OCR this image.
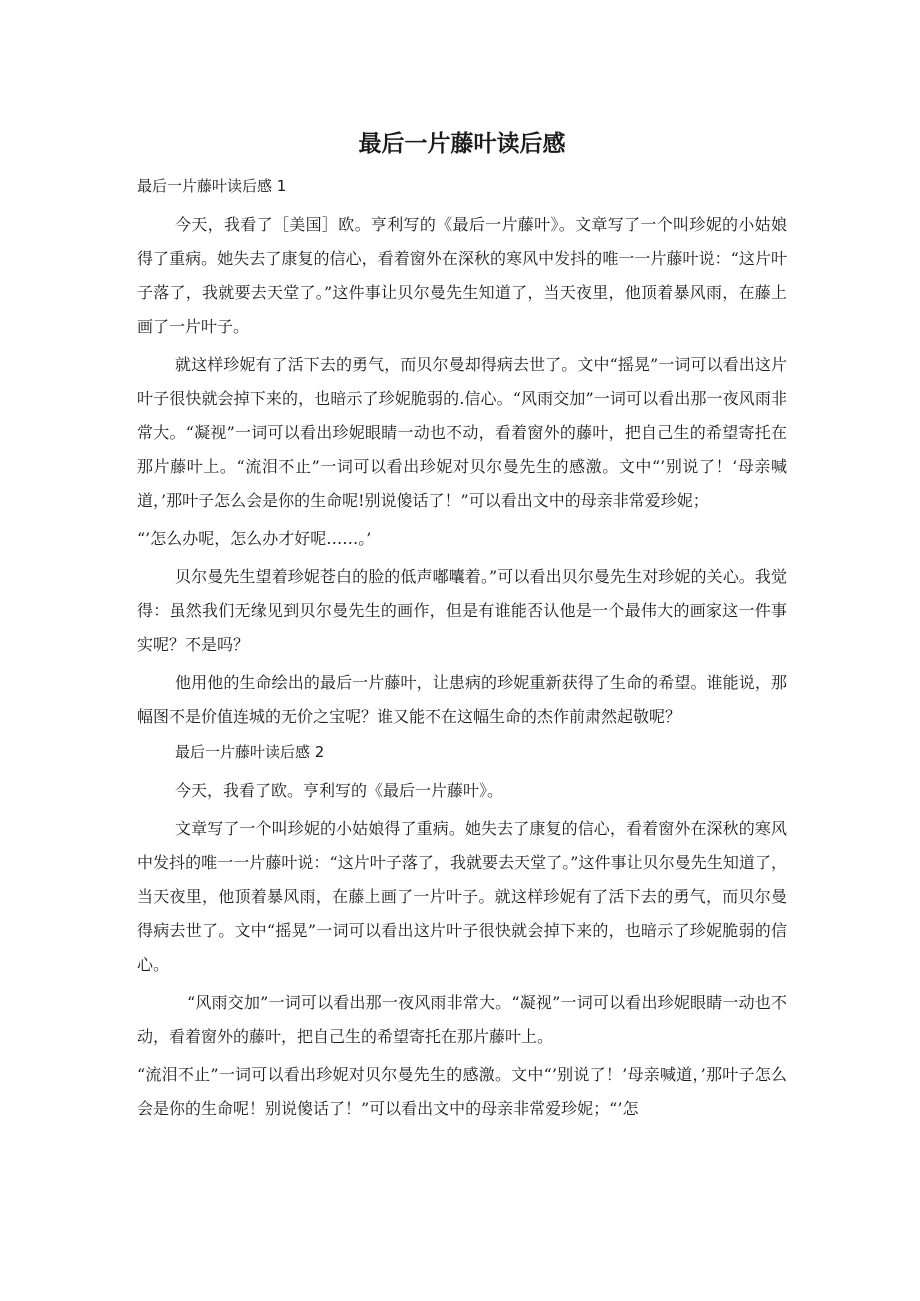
最后一片藤叶读后感
最后一片藤叶读后感 1

今天，我看了［美国］欧。亨利写的《最后一片藤叶》。文章写了一个叫珍妮的小姑娘得了重病。她失去了康复的信心，看着窗外在深秋的寒风中发抖的唯一一片藤叶说：“这片叶子落了，我就要去天堂了。”这件事让贝尔曼先生知道了，当天夜里，他顶着暴风雨，在藤上画了一片叶子。

就这样珍妮有了活下去的勇气，而贝尔曼却得病去世了。文中“摇晃”一词可以看出这片叶子很快就会掉下来的，也暗示了珍妮脆弱的.信心。“风雨交加”一词可以看出那一夜风雨非常大。“凝视”一词可以看出珍妮眼睛一动也不动，看着窗外的藤叶，把自己生的希望寄托在那片藤叶上。“流泪不止”一词可以看出珍妮对贝尔曼先生的感激。文中“’别说了！‘母亲喊道，’那叶子怎么会是你的生命呢!别说傻话了！”可以看出文中的母亲非常爱珍妮；

“’怎么办呢，怎么办才好呢……。’

贝尔曼先生望着珍妮苍白的脸的低声嘟囔着。”可以看出贝尔曼先生对珍妮的关心。我觉得：虽然我们无缘见到贝尔曼先生的画作，但是有谁能否认他是一个最伟大的画家这一件事实呢？不是吗？

他用他的生命绘出的最后一片藤叶，让患病的珍妮重新获得了生命的希望。谁能说，那幅图不是价值连城的无价之宝呢？谁又能不在这幅生命的杰作前肃然起敬呢？

最后一片藤叶读后感 2

今天，我看了欧。亨利写的《最后一片藤叶》。

文章写了一个叫珍妮的小姑娘得了重病。她失去了康复的信心，看着窗外在深秋的寒风中发抖的唯一一片藤叶说：“这片叶子落了，我就要去天堂了。”这件事让贝尔曼先生知道了，当天夜里，他顶着暴风雨，在藤上画了一片叶子。就这样珍妮有了活下去的勇气，而贝尔曼得病去世了。文中“摇晃”一词可以看出这片叶子很快就会掉下来的，也暗示了珍妮脆弱的信心。

“风雨交加”一词可以看出那一夜风雨非常大。“凝视”一词可以看出珍妮眼睛一动也不动，看着窗外的藤叶，把自己生的希望寄托在那片藤叶上。

“流泪不止”一词可以看出珍妮对贝尔曼先生的感激。文中“’别说了！’母亲喊道，’那叶子怎么会是你的生命呢！别说傻话了！”可以看出文中的母亲非常爱珍妮；“’怎
